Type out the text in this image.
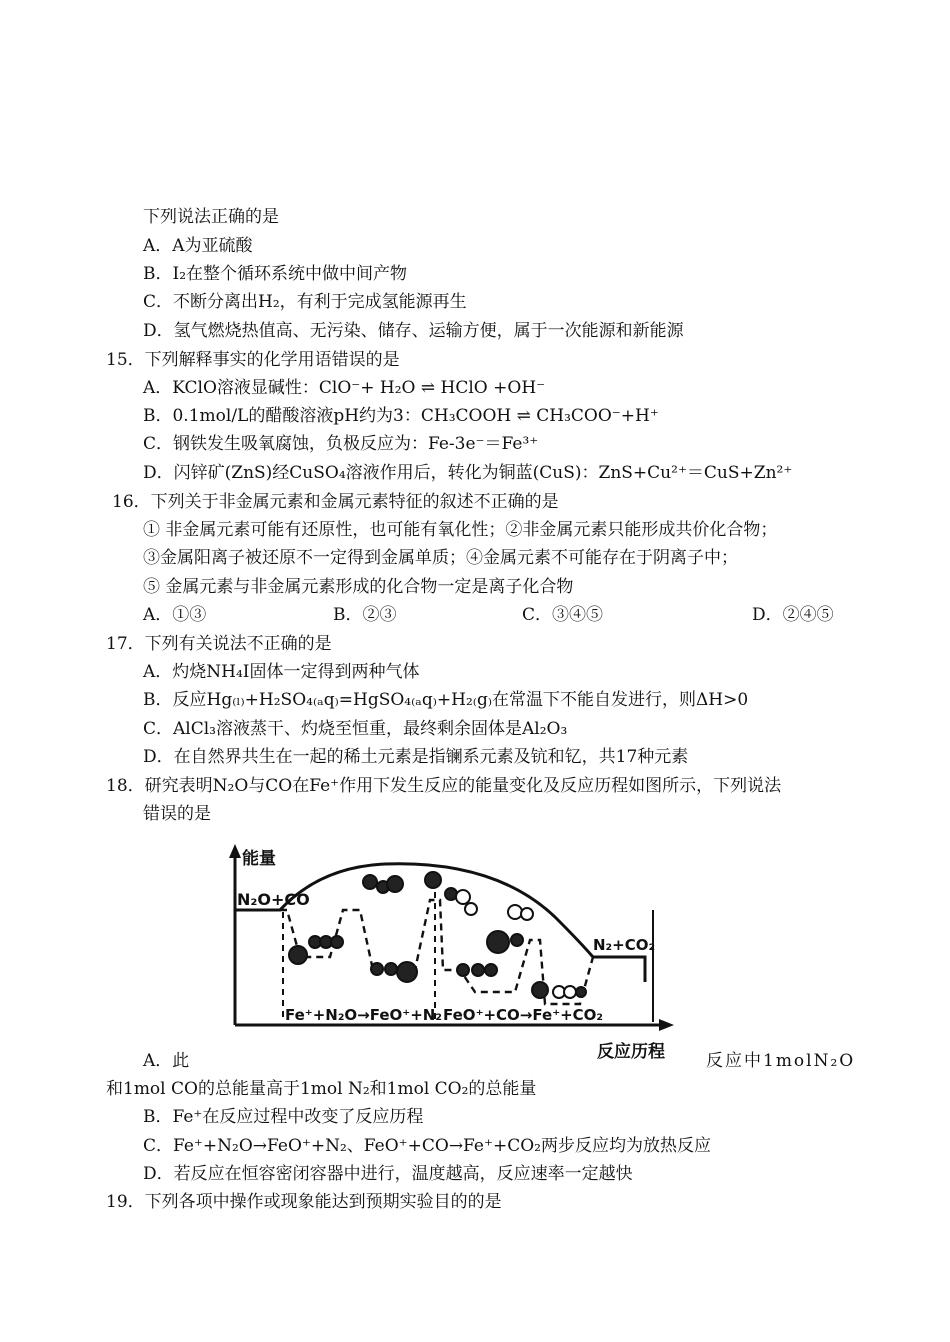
下列说法正确的是
A．A为亚硫酸
B．I₂在整个循环系统中做中间产物
C．不断分离出H₂，有利于完成氢能源再生
D．氢气燃烧热值高、无污染、储存、运输方便，属于一次能源和新能源
15．下列解释事实的化学用语错误的是
A．KClO溶液显碱性：ClO⁻+ H₂O ⇌ HClO +OH⁻
B．0.1mol/L的醋酸溶液pH约为3：CH₃COOH ⇌ CH₃COO⁻+H⁺
C．钢铁发生吸氧腐蚀，负极反应为：Fe-3e⁻＝Fe³⁺
D．闪锌矿(ZnS)经CuSO₄溶液作用后，转化为铜蓝(CuS)：ZnS+Cu²⁺＝CuS+Zn²⁺
16．下列关于非金属元素和金属元素特征的叙述不正确的是
① 非金属元素可能有还原性，也可能有氧化性；②非金属元素只能形成共价化合物；
③金属阳离子被还原不一定得到金属单质；④金属元素不可能存在于阴离子中；
⑤ 金属元素与非金属元素形成的化合物一定是离子化合物
A．①③	B．②③	C．③④⑤	D．②④⑤
17．下列有关说法不正确的是
A．灼烧NH₄I固体一定得到两种气体
B．反应Hg₍ₗ₎+H₂SO₄₍ₐq₎=HgSO₄₍ₐq₎+H₂₍g₎在常温下不能自发进行，则ΔH>0
C．AlCl₃溶液蒸干、灼烧至恒重，最终剩余固体是Al₂O₃
D．在自然界共生在一起的稀土元素是指镧系元素及钪和钇，共17种元素
18．研究表明N₂O与CO在Fe⁺作用下发生反应的能量变化及反应历程如图所示，下列说法
错误的是
能量
反应历程
N₂O+CO
N₂+CO₂
Fe⁺+N₂O→FeO⁺+N₂ FeO⁺+CO→Fe⁺+CO₂
A．此	反应中1molN₂O
和1mol CO的总能量高于1mol N₂和1mol CO₂的总能量
B．Fe⁺在反应过程中改变了反应历程
C．Fe⁺+N₂O→FeO⁺+N₂、FeO⁺+CO→Fe⁺+CO₂两步反应均为放热反应
D．若反应在恒容密闭容器中进行，温度越高，反应速率一定越快
19．下列各项中操作或现象能达到预期实验目的的是
